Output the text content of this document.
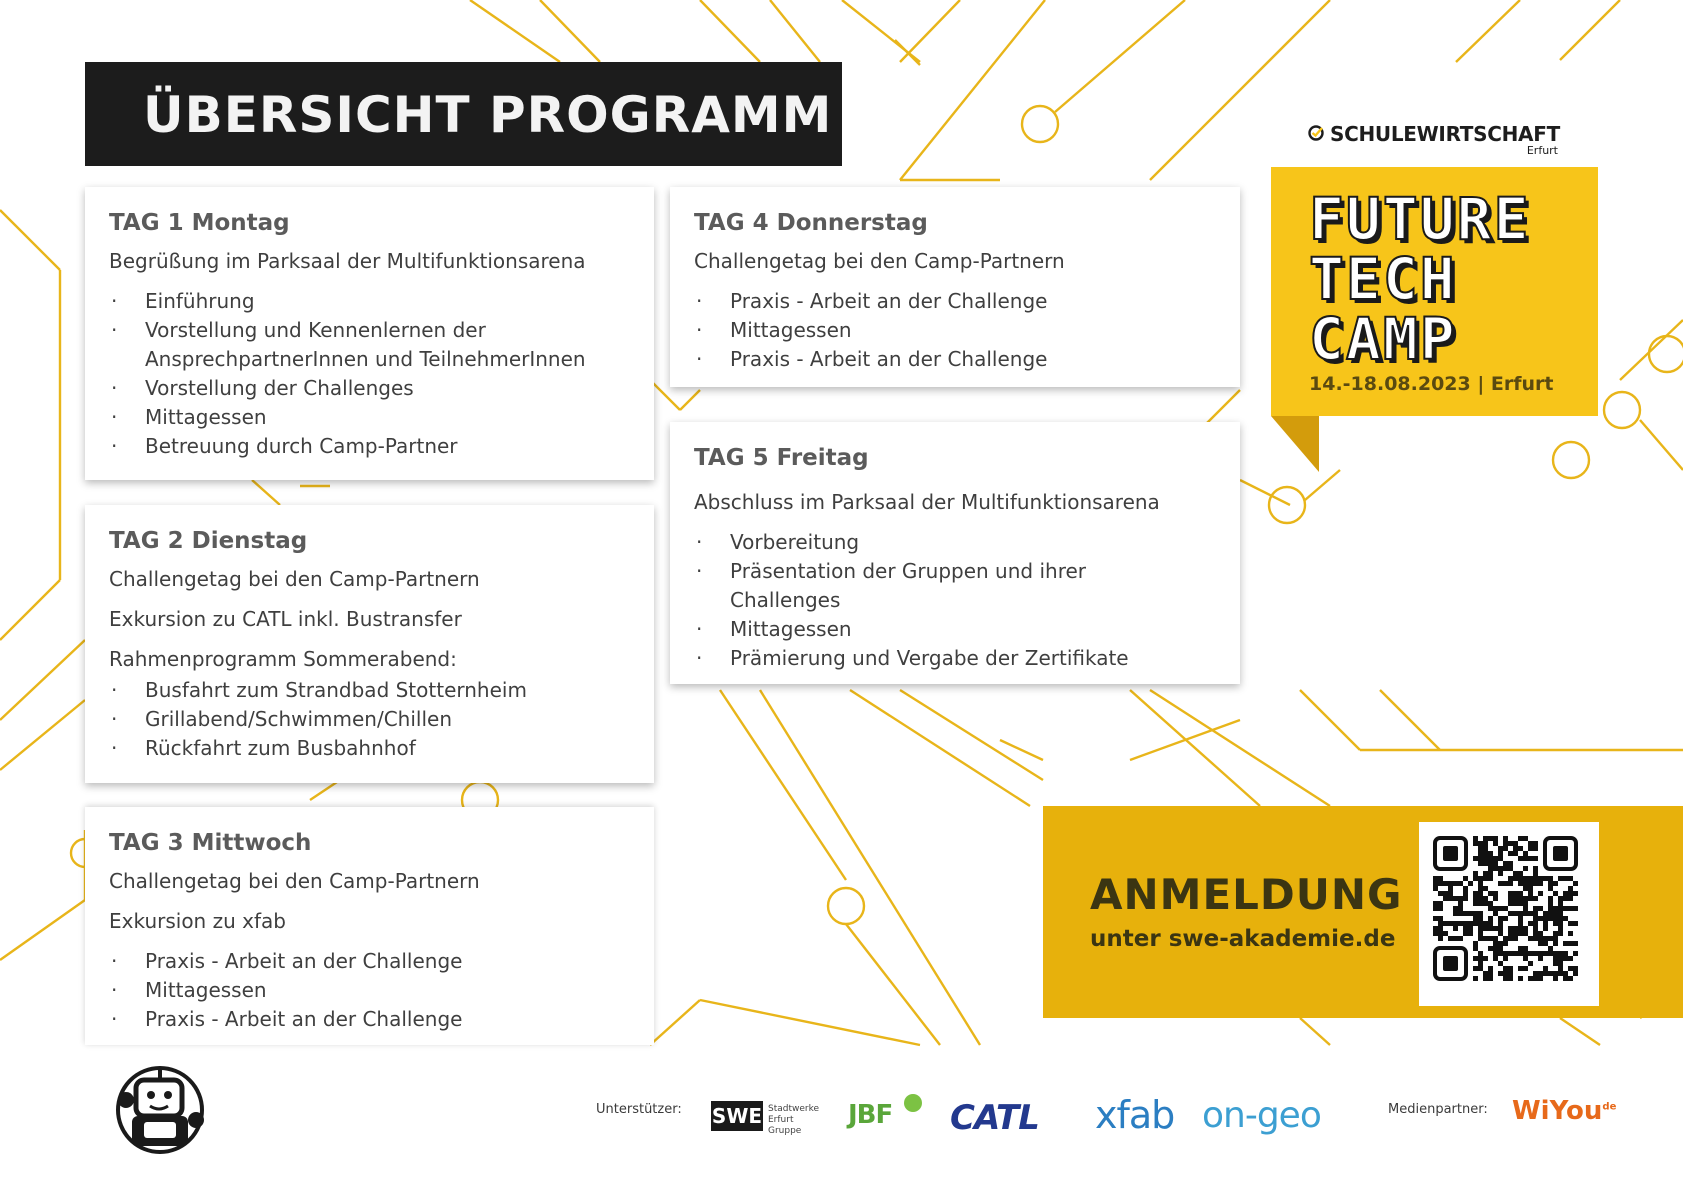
ÜBERSICHT PROGRAMM
TAG 1 Montag
Begrüßung im Parksaal der Multifunktionsarena
· Einführung
· Vorstellung und Kennenlernen der
AnsprechpartnerInnen und TeilnehmerInnen
· Vorstellung der Challenges
· Mittagessen
· Betreuung durch Camp-Partner
TAG 2 Dienstag
Challengetag bei den Camp-Partnern
Exkursion zu CATL inkl. Bustransfer
Rahmenprogramm Sommerabend:
· Busfahrt zum Strandbad Stotternheim
· Grillabend/Schwimmen/Chillen
· Rückfahrt zum Busbahnhof
TAG 3 Mittwoch
Challengetag bei den Camp-Partnern
Exkursion zu xfab
· Praxis - Arbeit an der Challenge
· Mittagessen
· Praxis - Arbeit an der Challenge
TAG 4 Donnerstag
Challengetag bei den Camp-Partnern
· Praxis - Arbeit an der Challenge
· Mittagessen
· Praxis - Arbeit an der Challenge
TAG 5 Freitag
Abschluss im Parksaal der Multifunktionsarena
· Vorbereitung
· Präsentation der Gruppen und ihrer
Challenges
· Mittagessen
· Prämierung und Vergabe der Zertifikate
SCHULEWIRTSCHAFT
Erfurt
FUTURE
TECH
CAMP
14.-18.08.2023 | Erfurt
ANMELDUNG
unter swe-akademie.de
Unterstützer: SWE Stadtwerke
Erfurt Gruppe
JBF CATL xfab on-geo	Medienpartner: WiYou$^{de}$
